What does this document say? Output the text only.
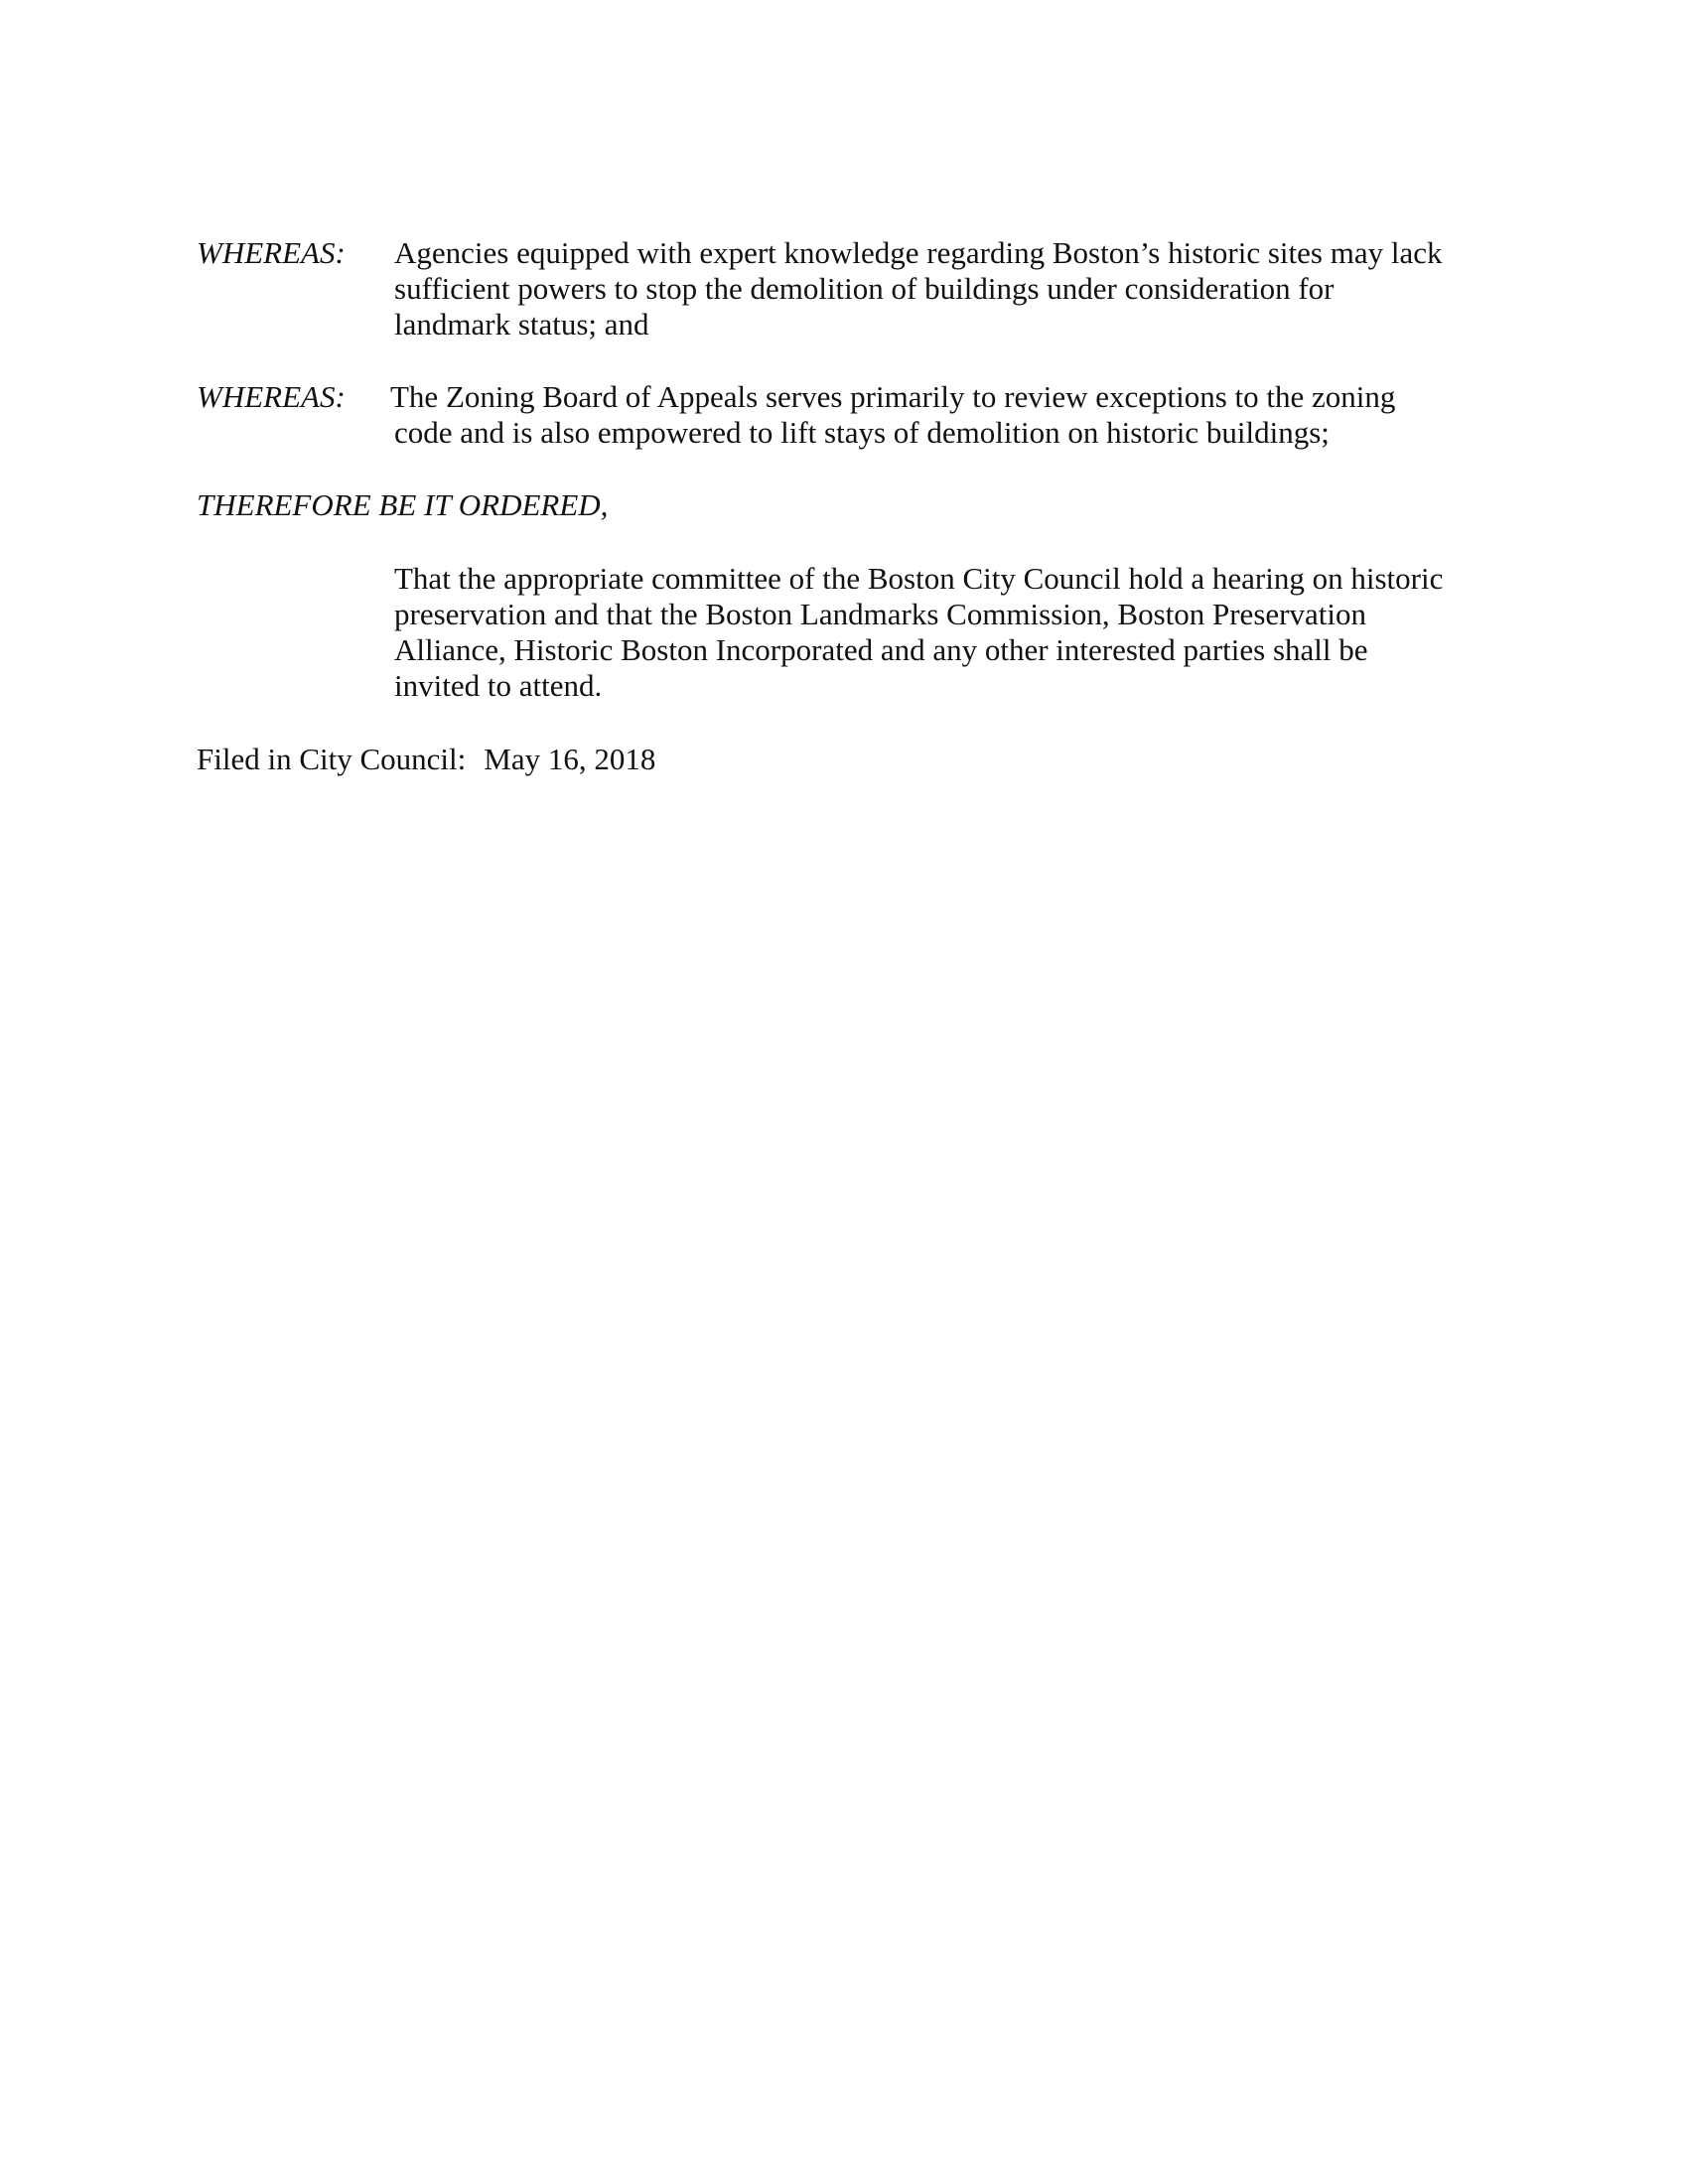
WHEREAS: Agencies equipped with expert knowledge regarding Boston’s historic sites may lack
sufficient powers to stop the demolition of buildings under consideration for
landmark status; and
WHEREAS: The Zoning Board of Appeals serves primarily to review exceptions to the zoning
code and is also empowered to lift stays of demolition on historic buildings;
THEREFORE BE IT ORDERED,
That the appropriate committee of the Boston City Council hold a hearing on historic
preservation and that the Boston Landmarks Commission, Boston Preservation
Alliance, Historic Boston Incorporated and any other interested parties shall be
invited to attend.
Filed in City Council: May 16, 2018
